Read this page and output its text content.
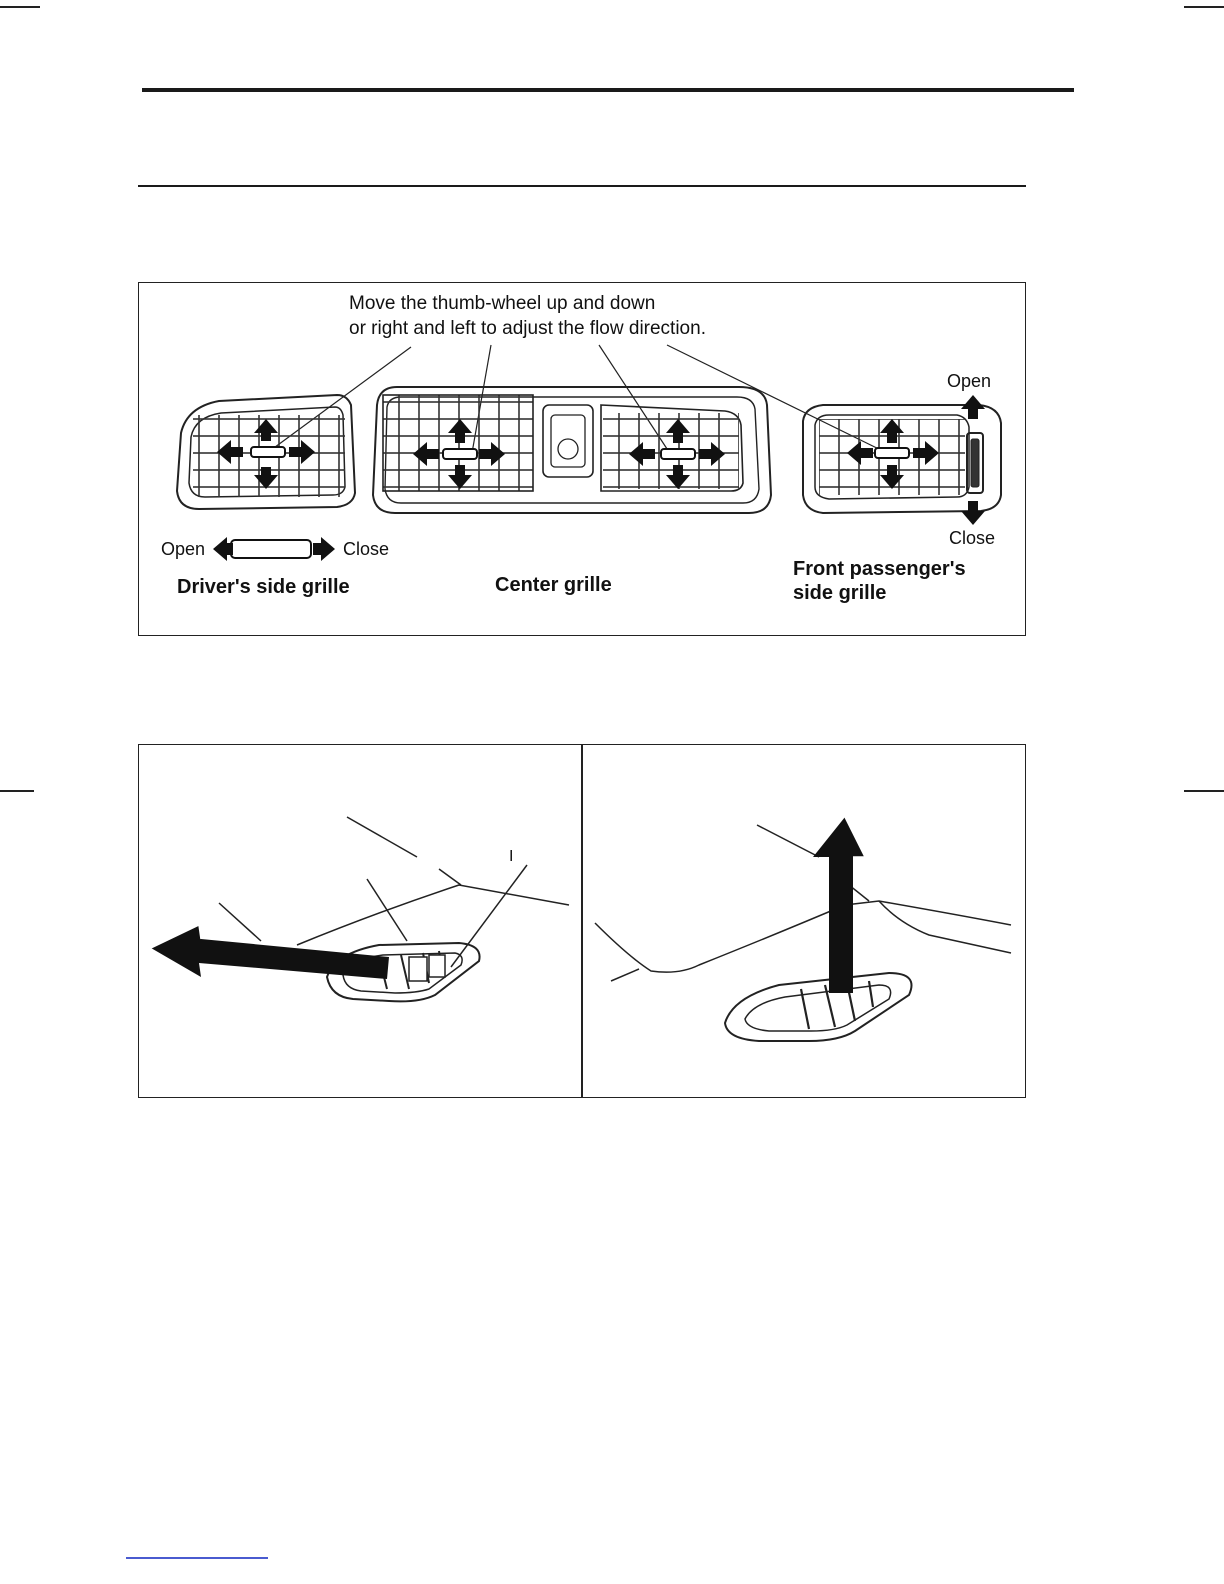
Move the thumb-wheel up and down
or right and left to adjust the flow direction.
Open	Close
Driver's side grille	Center grille
Open
Close
Front passenger's
side grille
I
